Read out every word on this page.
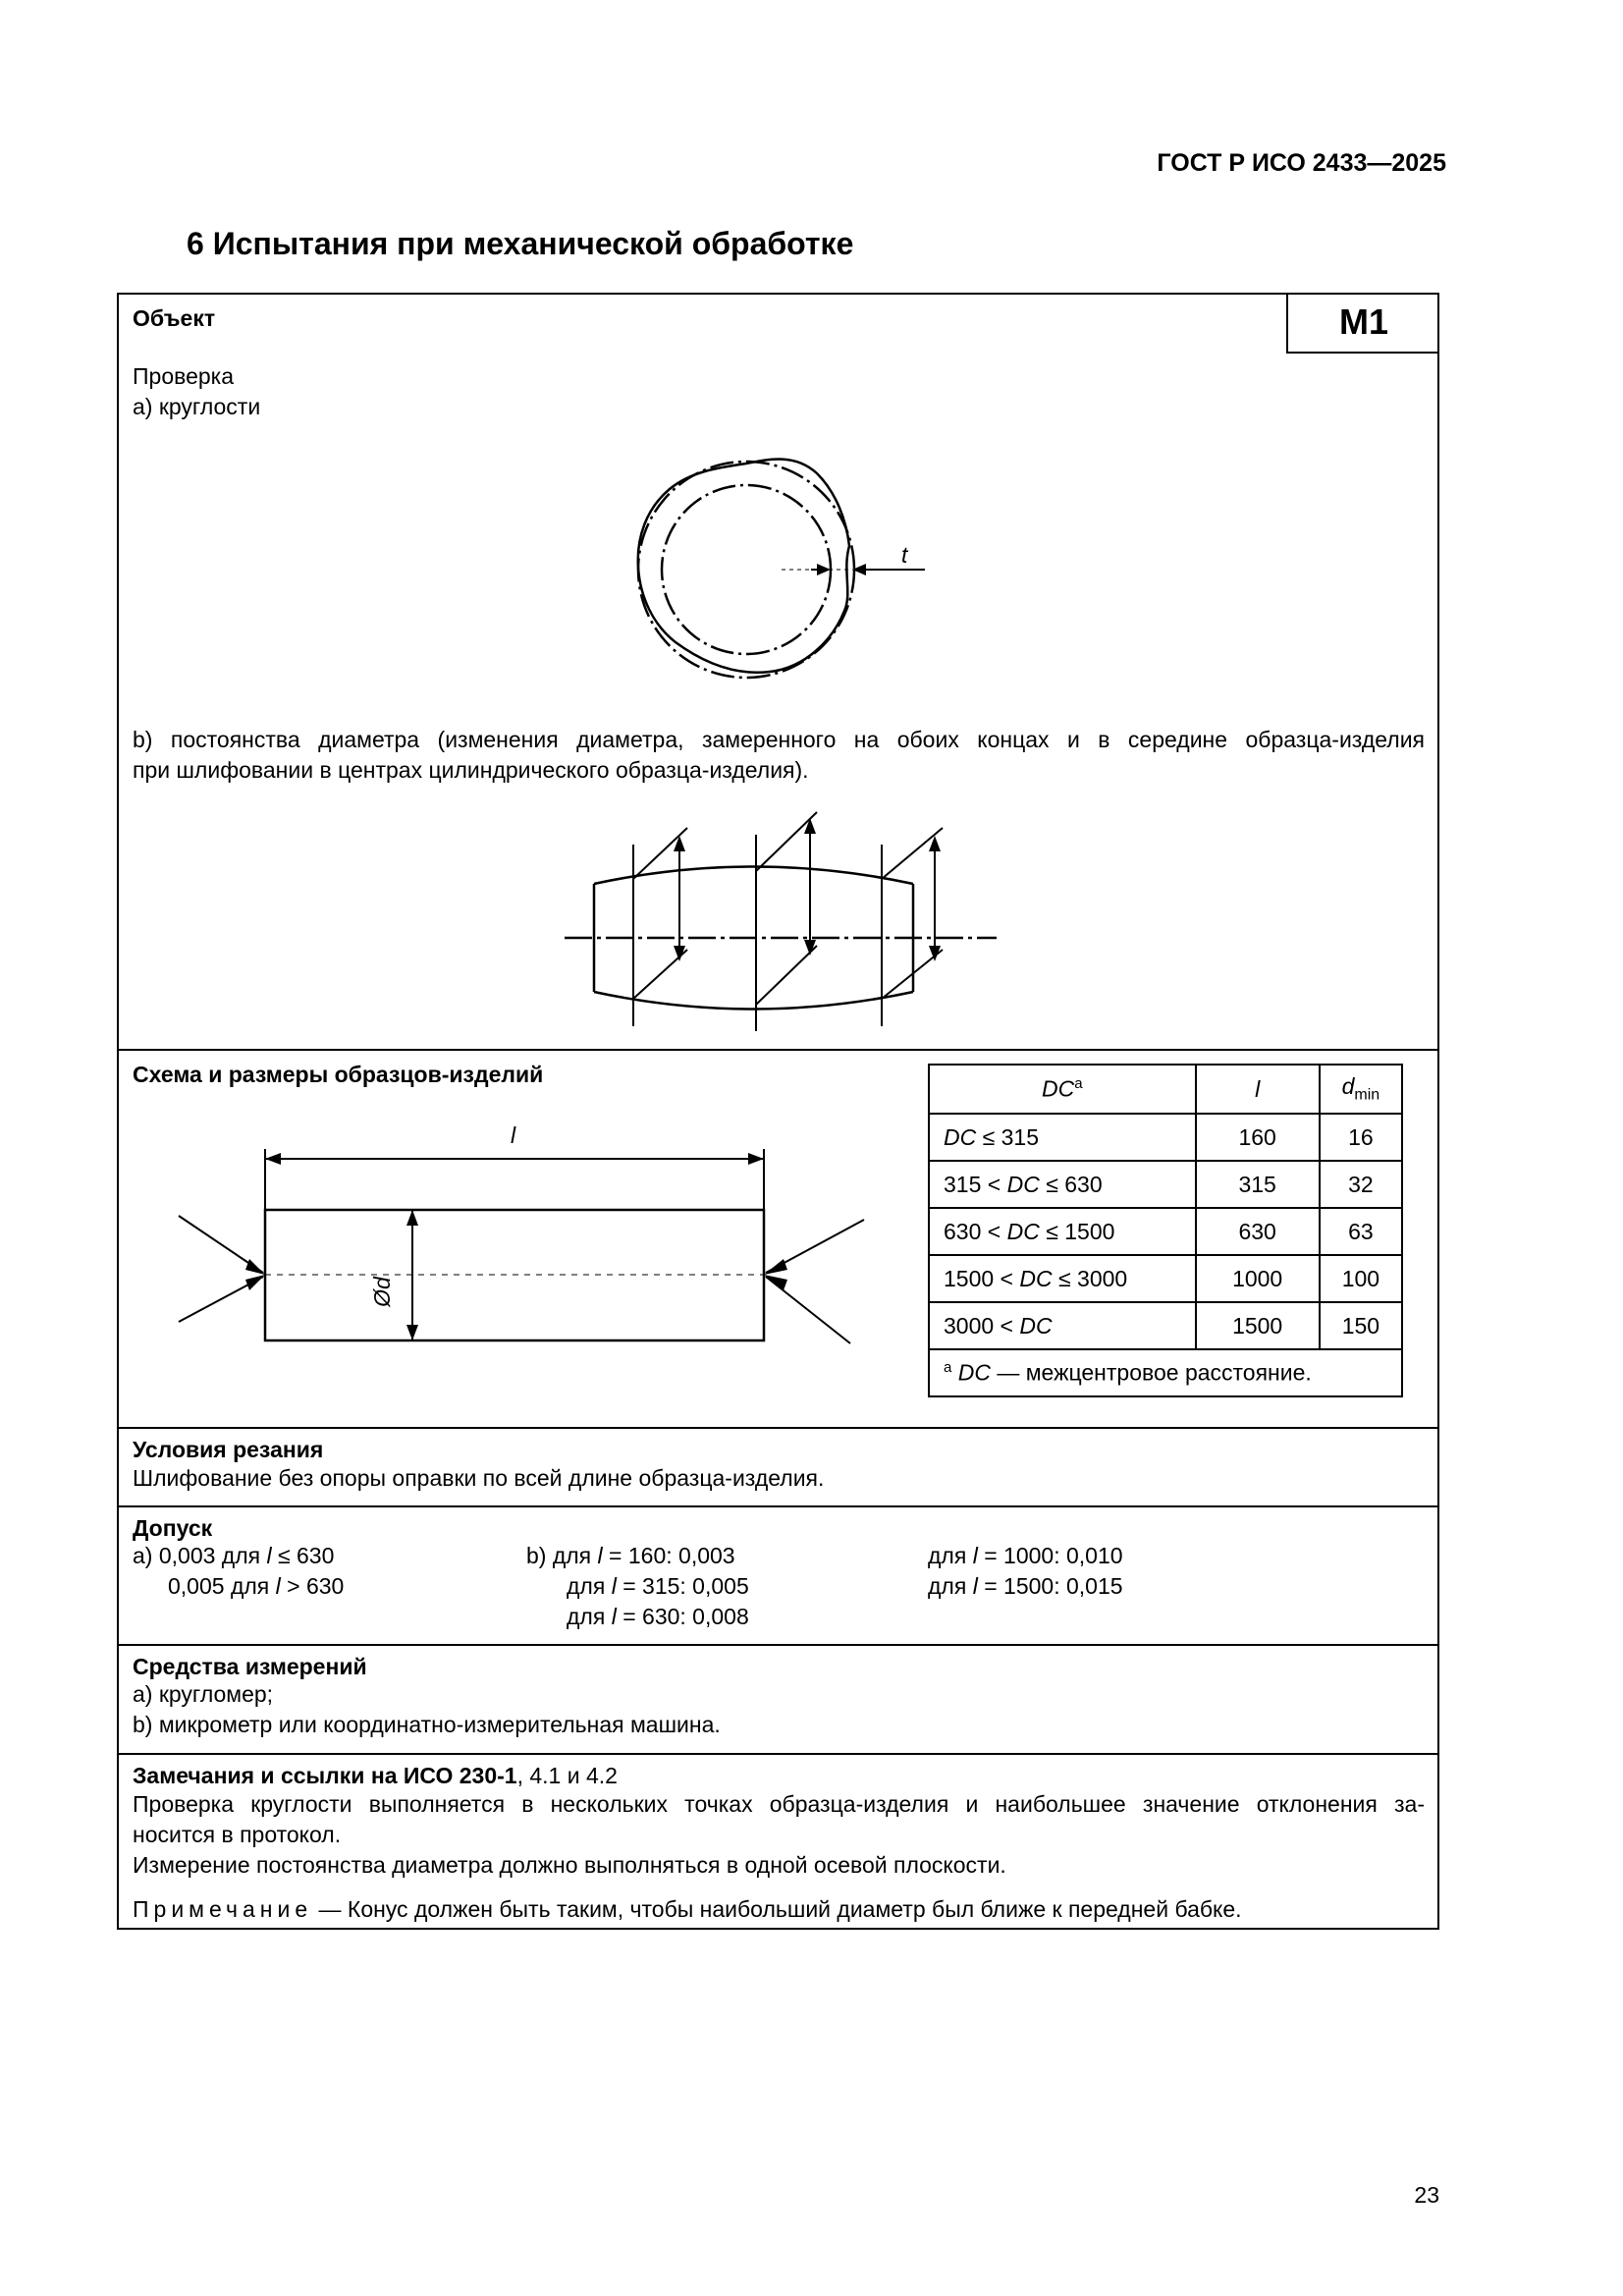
ГОСТ Р ИСО 2433—2025
6 Испытания при механической обработке
M1
Объект
Проверка
a) круглости
t
b) постоянства диаметра (изменения диаметра, замеренного на обоих концах и в середине образца-изделия
при шлифовании в центрах цилиндрического образца-изделия).
Схема и размеры образцов-изделий
l
Ød
$DC^a$	l	$d_{min}$
DC ≤ 315	160	16
315 < DC ≤ 630	315	32
630 < DC ≤ 1500	630	63
1500 < DC ≤ 3000	1000	100
3000 < DC	1500	150
$^a$ DC — межцентровое расстояние.		
Условия резания
Шлифование без опоры оправки по всей длине образца-изделия.
Допуск
a) 0,003 для l ≤ 630
0,005 для l > 630
b) для l = 160: 0,003
для l = 315: 0,005
для l = 630: 0,008
для l = 1000: 0,010
для l = 1500: 0,015
Средства измерений
a) кругломер;
b) микрометр или координатно-измерительная машина.
Замечания и ссылки на ИСО 230-1, 4.1 и 4.2
Проверка круглости выполняется в нескольких точках образца-изделия и наибольшее значение отклонения за-
носится в протокол.
Измерение постоянства диаметра должно выполняться в одной осевой плоскости.
Примечание — Конус должен быть таким, чтобы наибольший диаметр был ближе к передней бабке.
23
